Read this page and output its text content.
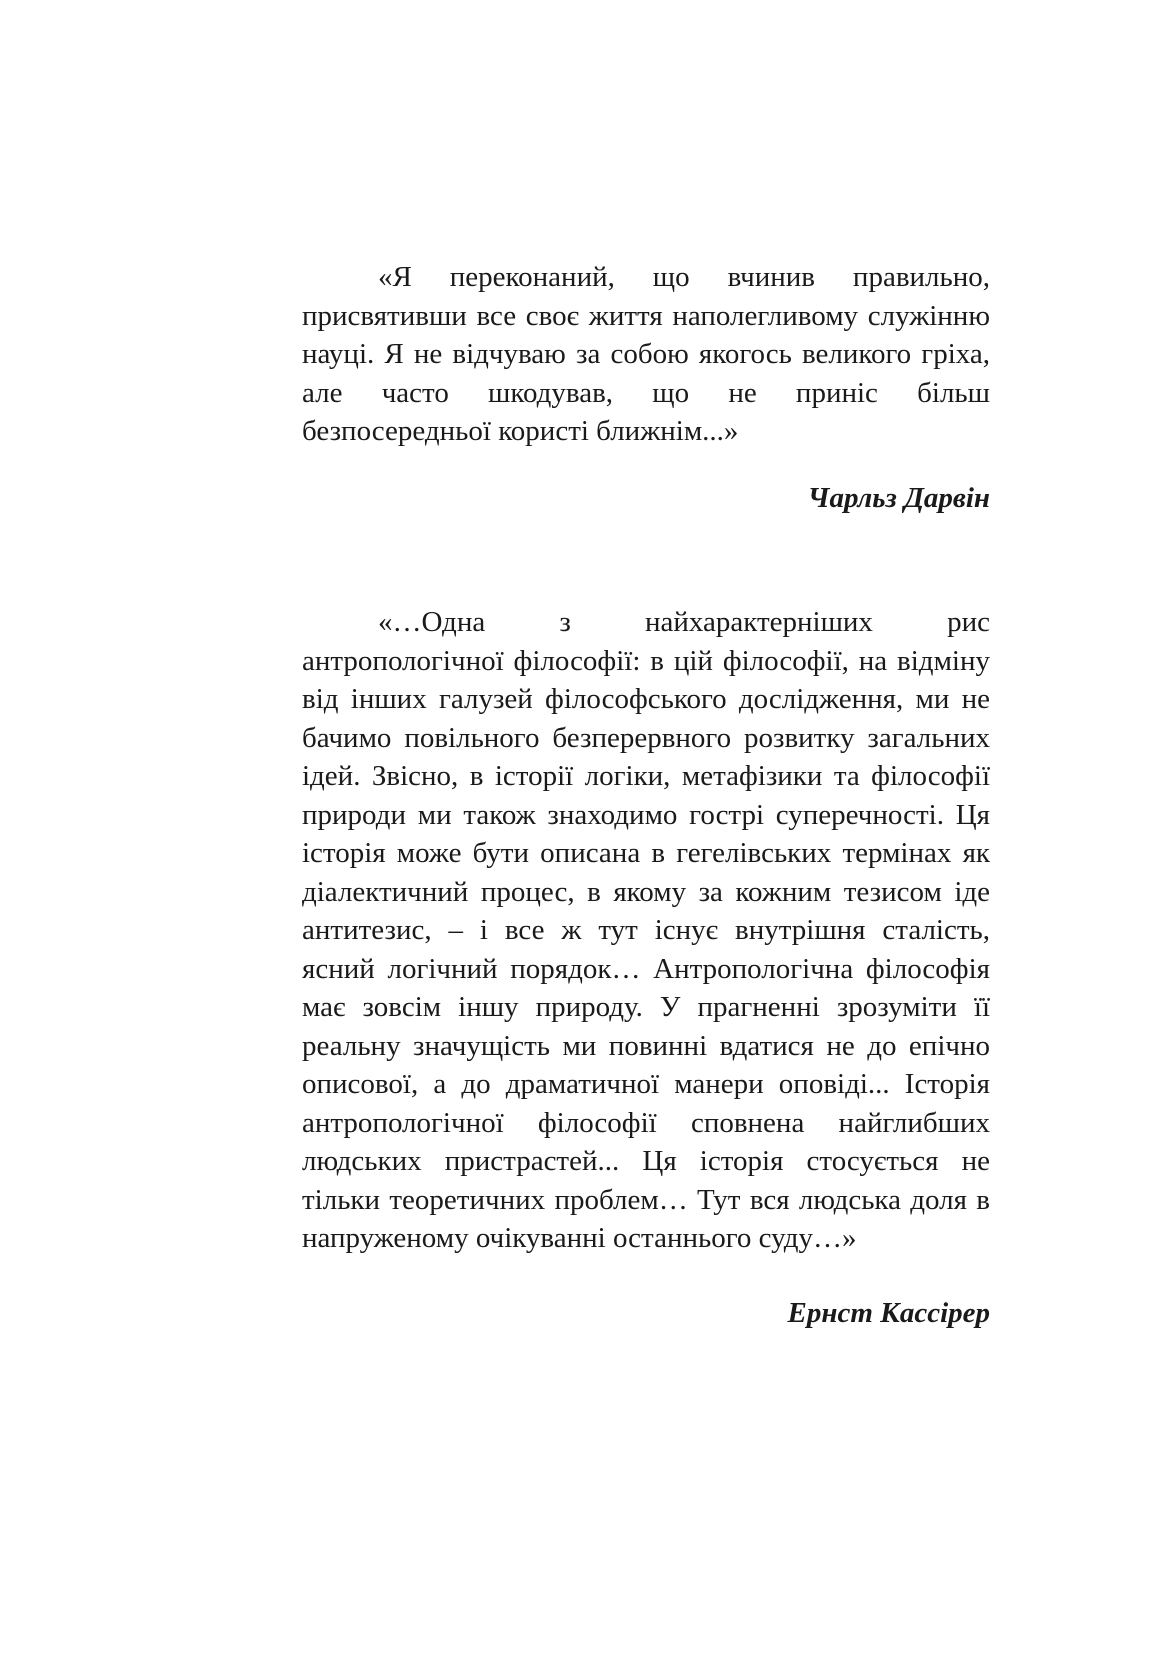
«Я переконаний, що вчинив правильно, присвятивши все своє життя наполегливому служінню науці. Я не відчуваю за собою якогось великого гріха, але часто шкодував, що не приніс більш безпосередньої користі ближнім...»

Чарльз Дарвін

«…Одна з найхарактерніших рис антропологічної філософії: в цій філософії, на відміну від інших галузей філософського дослідження, ми не бачимо повільного безперервного розвитку загальних ідей. Звісно, в історії логіки, метафізики та філософії природи ми також знаходимо гострі суперечності. Ця історія може бути описана в гегелівських термінах як діалектичний процес, в якому за кожним тезисом іде антитезис, – і все ж тут існує внутрішня сталість, ясний логічний порядок… Антропологічна філософія має зовсім іншу природу. У прагненні зрозуміти її реальну значущість ми повинні вдатися не до епічно описової, а до драматичної манери оповіді... Історія антропологічної філософії сповнена найглибших людських пристрастей... Ця історія стосується не тільки теоретичних проблем… Тут вся людська доля в напруженому очікуванні останнього суду…»

Ернст Кассірер
